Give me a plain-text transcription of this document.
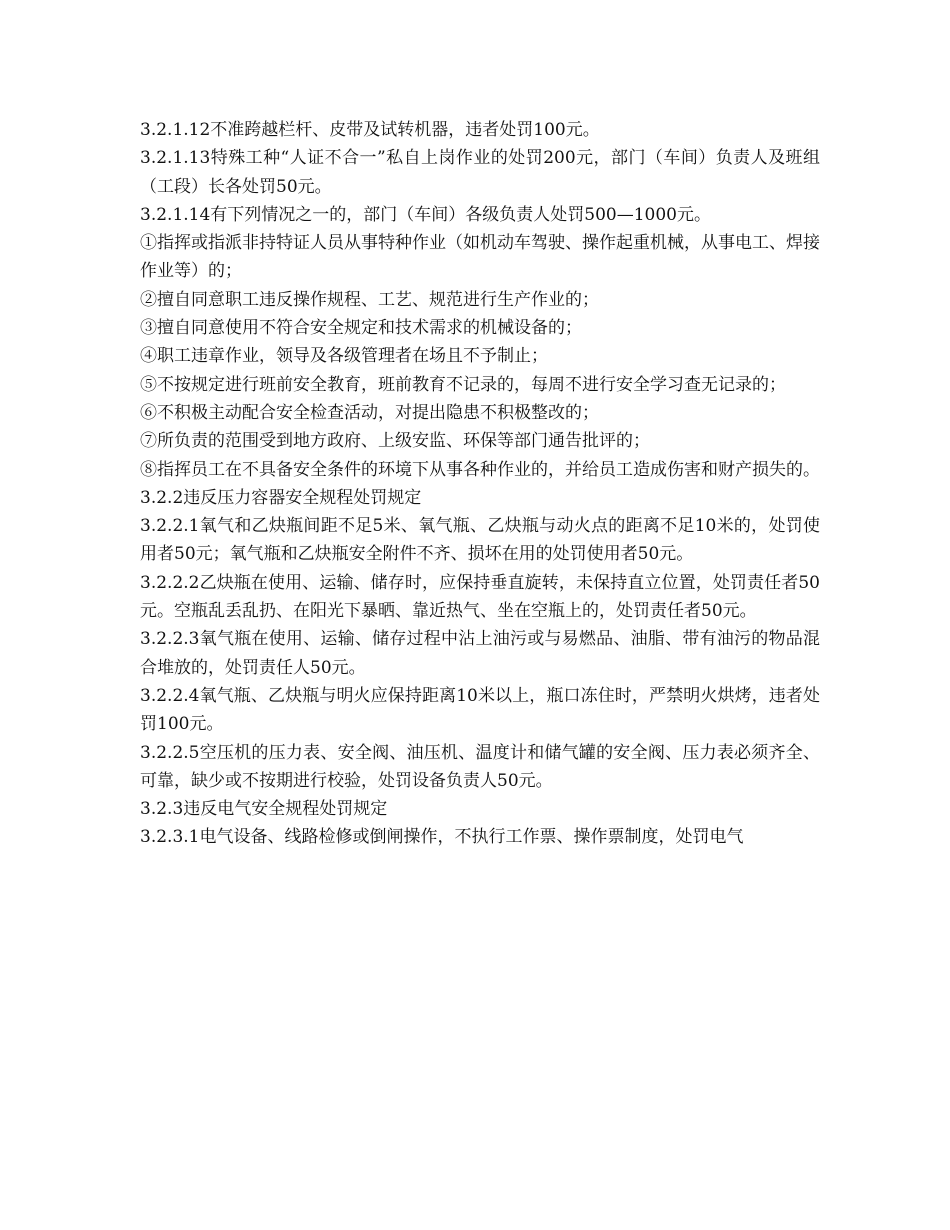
3.2.1.12不准跨越栏杆、皮带及试转机器，违者处罚100元。

3.2.1.13特殊工种“人证不合一”私自上岗作业的处罚200元，部门（车间）负责人及班组（工段）长各处罚50元。

3.2.1.14有下列情况之一的，部门（车间）各级负责人处罚500—1000元。

①指挥或指派非持特证人员从事特种作业（如机动车驾驶、操作起重机械，从事电工、焊接作业等）的；

②擅自同意职工违反操作规程、工艺、规范进行生产作业的；

③擅自同意使用不符合安全规定和技术需求的机械设备的；

④职工违章作业，领导及各级管理者在场且不予制止；

⑤不按规定进行班前安全教育，班前教育不记录的，每周不进行安全学习查无记录的；

⑥不积极主动配合安全检查活动，对提出隐患不积极整改的；

⑦所负责的范围受到地方政府、上级安监、环保等部门通告批评的；

⑧指挥员工在不具备安全条件的环境下从事各种作业的，并给员工造成伤害和财产损失的。

3.2.2违反压力容器安全规程处罚规定

3.2.2.1氧气和乙炔瓶间距不足5米、氧气瓶、乙炔瓶与动火点的距离不足10米的，处罚使用者50元；氧气瓶和乙炔瓶安全附件不齐、损坏在用的处罚使用者50元。

3.2.2.2乙炔瓶在使用、运输、储存时，应保持垂直旋转，未保持直立位置，处罚责任者50元。空瓶乱丢乱扔、在阳光下暴晒、靠近热气、坐在空瓶上的，处罚责任者50元。

3.2.2.3氧气瓶在使用、运输、储存过程中沾上油污或与易燃品、油脂、带有油污的物品混合堆放的，处罚责任人50元。

3.2.2.4氧气瓶、乙炔瓶与明火应保持距离10米以上，瓶口冻住时，严禁明火烘烤，违者处罚100元。

3.2.2.5空压机的压力表、安全阀、油压机、温度计和储气罐的安全阀、压力表必须齐全、可靠，缺少或不按期进行校验，处罚设备负责人50元。

3.2.3违反电气安全规程处罚规定

3.2.3.1电气设备、线路检修或倒闸操作，不执行工作票、操作票制度，处罚电气
